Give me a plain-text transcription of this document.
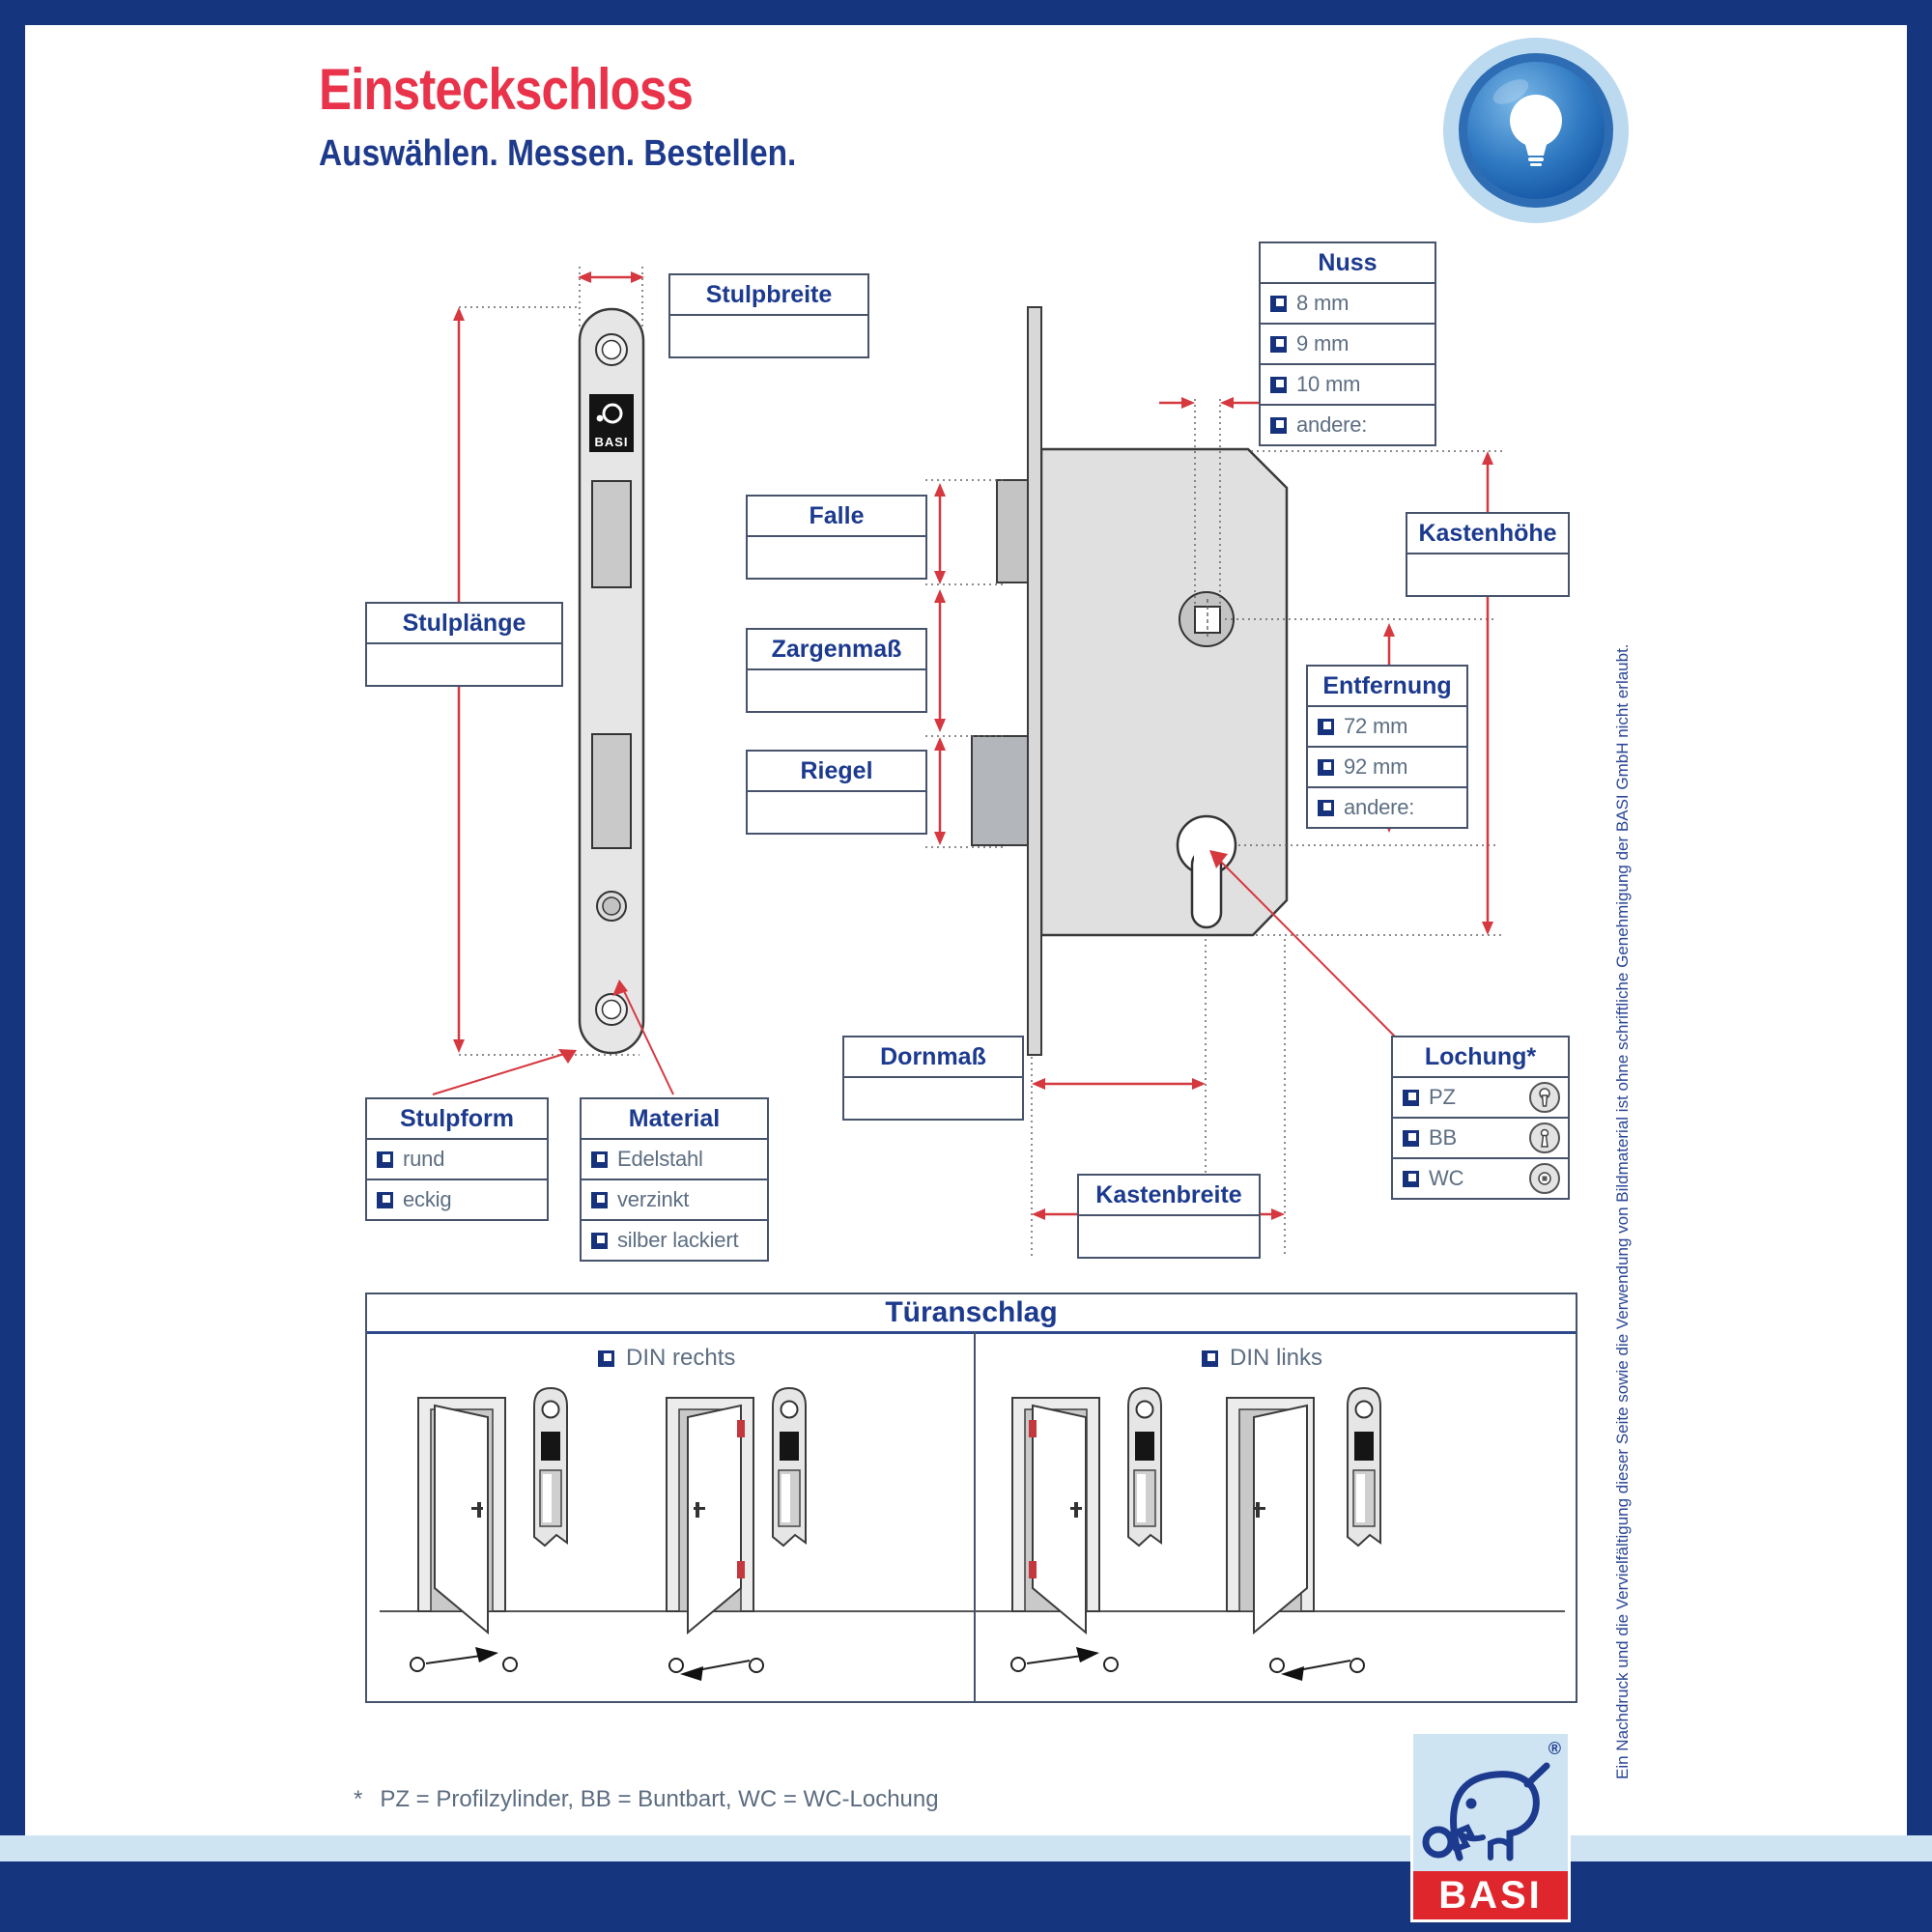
Einsteckschloss
Auswählen. Messen. Bestellen.
BASI
Stulpbreite
Stulplänge
Falle
Zargenmaß
Riegel
Dornmaß
Kastenbreite
Kastenhöhe
Nuss
8 mm
9 mm
10 mm
andere:
Entfernung
72 mm
92 mm
andere:
Lochung*
PZ
BB
WC
Stulpform
rund
eckig
Material
Edelstahl
verzinkt
silber lackiert
Türanschlag
DIN rechts	DIN links
* PZ = Profilzylinder, BB = Buntbart, WC = WC-Lochung
Ein Nachdruck und die Vervielfältigung dieser Seite sowie die Verwendung von Bildmaterial ist ohne schriftliche Genehmigung der BASI GmbH nicht erlaubt.
®
BASI
